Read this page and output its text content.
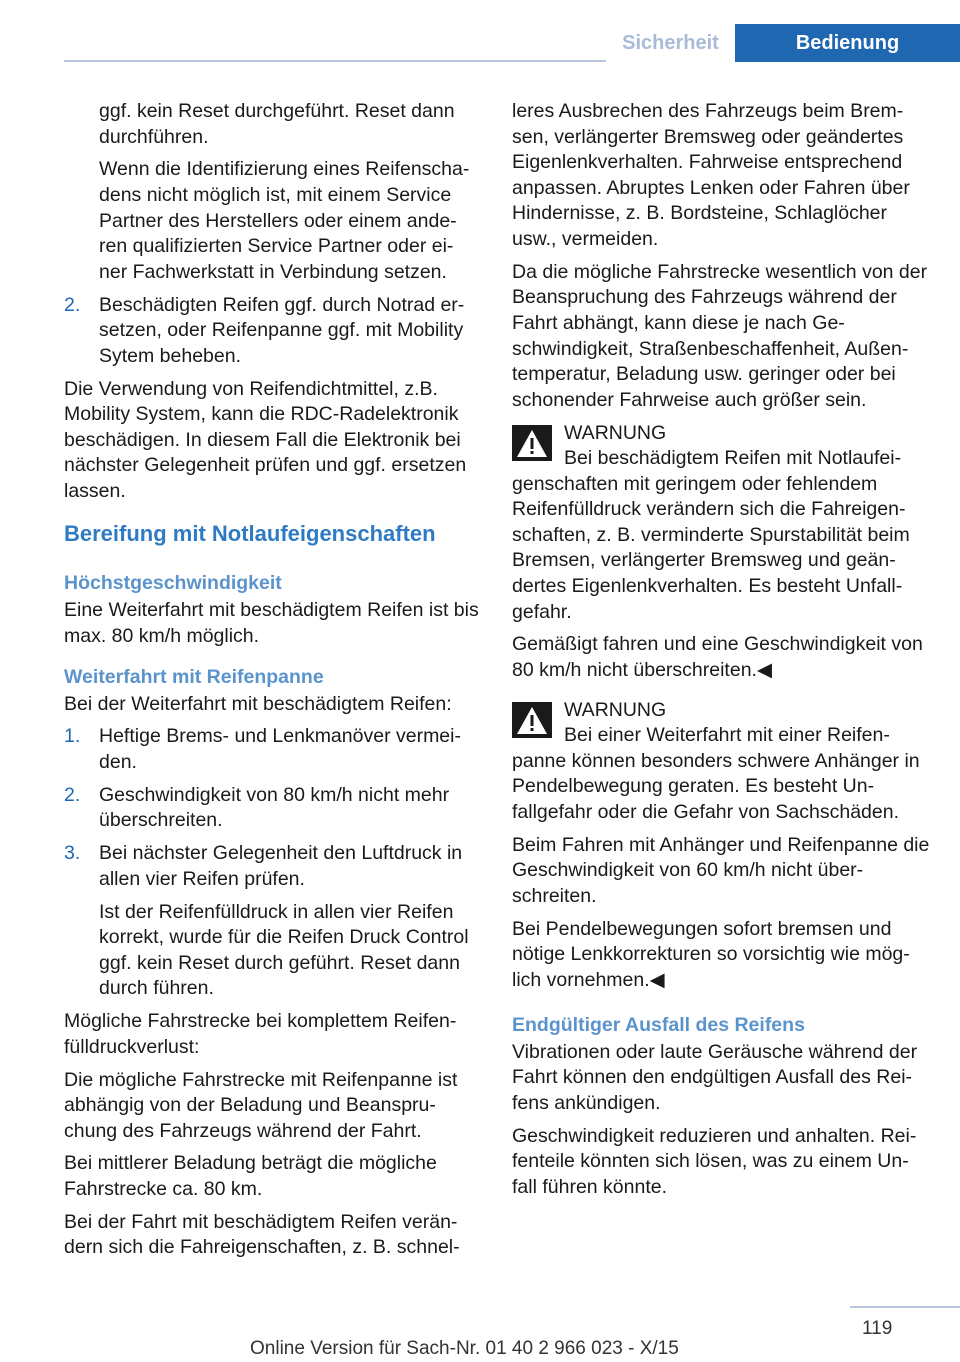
Sicherheit	Bedienung

ggf. kein Reset durchgeführt. Reset dann durchführen.

Wenn die Identifizierung eines Reifenscha‐ dens nicht möglich ist, mit einem Service Partner des Herstellers oder einem ande‐ ren qualifizierten Service Partner oder ei‐ ner Fachwerkstatt in Verbindung setzen.

2. Beschädigten Reifen ggf. durch Notrad er‐ setzen, oder Reifenpanne ggf. mit Mobility Sytem beheben.

Die Verwendung von Reifendichtmittel, z.B. Mobility System, kann die RDC-Radelektronik beschädigen. In diesem Fall die Elektronik bei nächster Gelegenheit prüfen und ggf. ersetzen lassen.

Bereifung mit Notlaufeigenschaften
Höchstgeschwindigkeit

Eine Weiterfahrt mit beschädigtem Reifen ist bis max. 80 km/h möglich.

Weiterfahrt mit Reifenpanne

Bei der Weiterfahrt mit beschädigtem Reifen:

1. Heftige Brems- und Lenkmanöver vermei‐ den.
2. Geschwindigkeit von 80 km/h nicht mehr überschreiten.
3. Bei nächster Gelegenheit den Luftdruck in allen vier Reifen prüfen.

Ist der Reifenfülldruck in allen vier Reifen korrekt, wurde für die Reifen Druck Control ggf. kein Reset durch geführt. Reset dann durch führen.

Mögliche Fahrstrecke bei komplettem Reifen‐ fülldruckverlust:

Die mögliche Fahrstrecke mit Reifenpanne ist abhängig von der Beladung und Beanspru‐ chung des Fahrzeugs während der Fahrt.

Bei mittlerer Beladung beträgt die mögliche Fahrstrecke ca. 80 km.

Bei der Fahrt mit beschädigtem Reifen verän‐ dern sich die Fahreigenschaften, z. B. schnel‐

leres Ausbrechen des Fahrzeugs beim Brem‐ sen, verlängerter Bremsweg oder geändertes Eigenlenkverhalten. Fahrweise entsprechend anpassen. Abruptes Lenken oder Fahren über Hindernisse, z. B. Bordsteine, Schlaglöcher usw., vermeiden.

Da die mögliche Fahrstrecke wesentlich von der Beanspruchung des Fahrzeugs während der Fahrt abhängt, kann diese je nach Ge‐ schwindigkeit, Straßenbeschaffenheit, Außen‐ temperatur, Beladung usw. geringer oder bei schonender Fahrweise auch größer sein.

WARNUNG

Bei beschädigtem Reifen mit Notlaufei‐

genschaften mit geringem oder fehlendem Reifenfülldruck verändern sich die Fahreigen‐ schaften, z. B. verminderte Spurstabilität beim Bremsen, verlängerter Bremsweg und geän‐ dertes Eigenlenkverhalten. Es besteht Unfall‐ gefahr.

Gemäßigt fahren und eine Geschwindigkeit von 80 km/h nicht überschreiten.◀

WARNUNG

Bei einer Weiterfahrt mit einer Reifen‐

panne können besonders schwere Anhänger in Pendelbewegung geraten. Es besteht Un‐ fallgefahr oder die Gefahr von Sachschäden.

Beim Fahren mit Anhänger und Reifenpanne die Geschwindigkeit von 60 km/h nicht über‐ schreiten.

Bei Pendelbewegungen sofort bremsen und nötige Lenkkorrekturen so vorsichtig wie mög‐ lich vornehmen.◀

Endgültiger Ausfall des Reifens

Vibrationen oder laute Geräusche während der Fahrt können den endgültigen Ausfall des Rei‐ fens ankündigen.

Geschwindigkeit reduzieren und anhalten. Rei‐ fenteile könnten sich lösen, was zu einem Un‐ fall führen könnte.

119
Online Version für Sach-Nr. 01 40 2 966 023 - X/15
